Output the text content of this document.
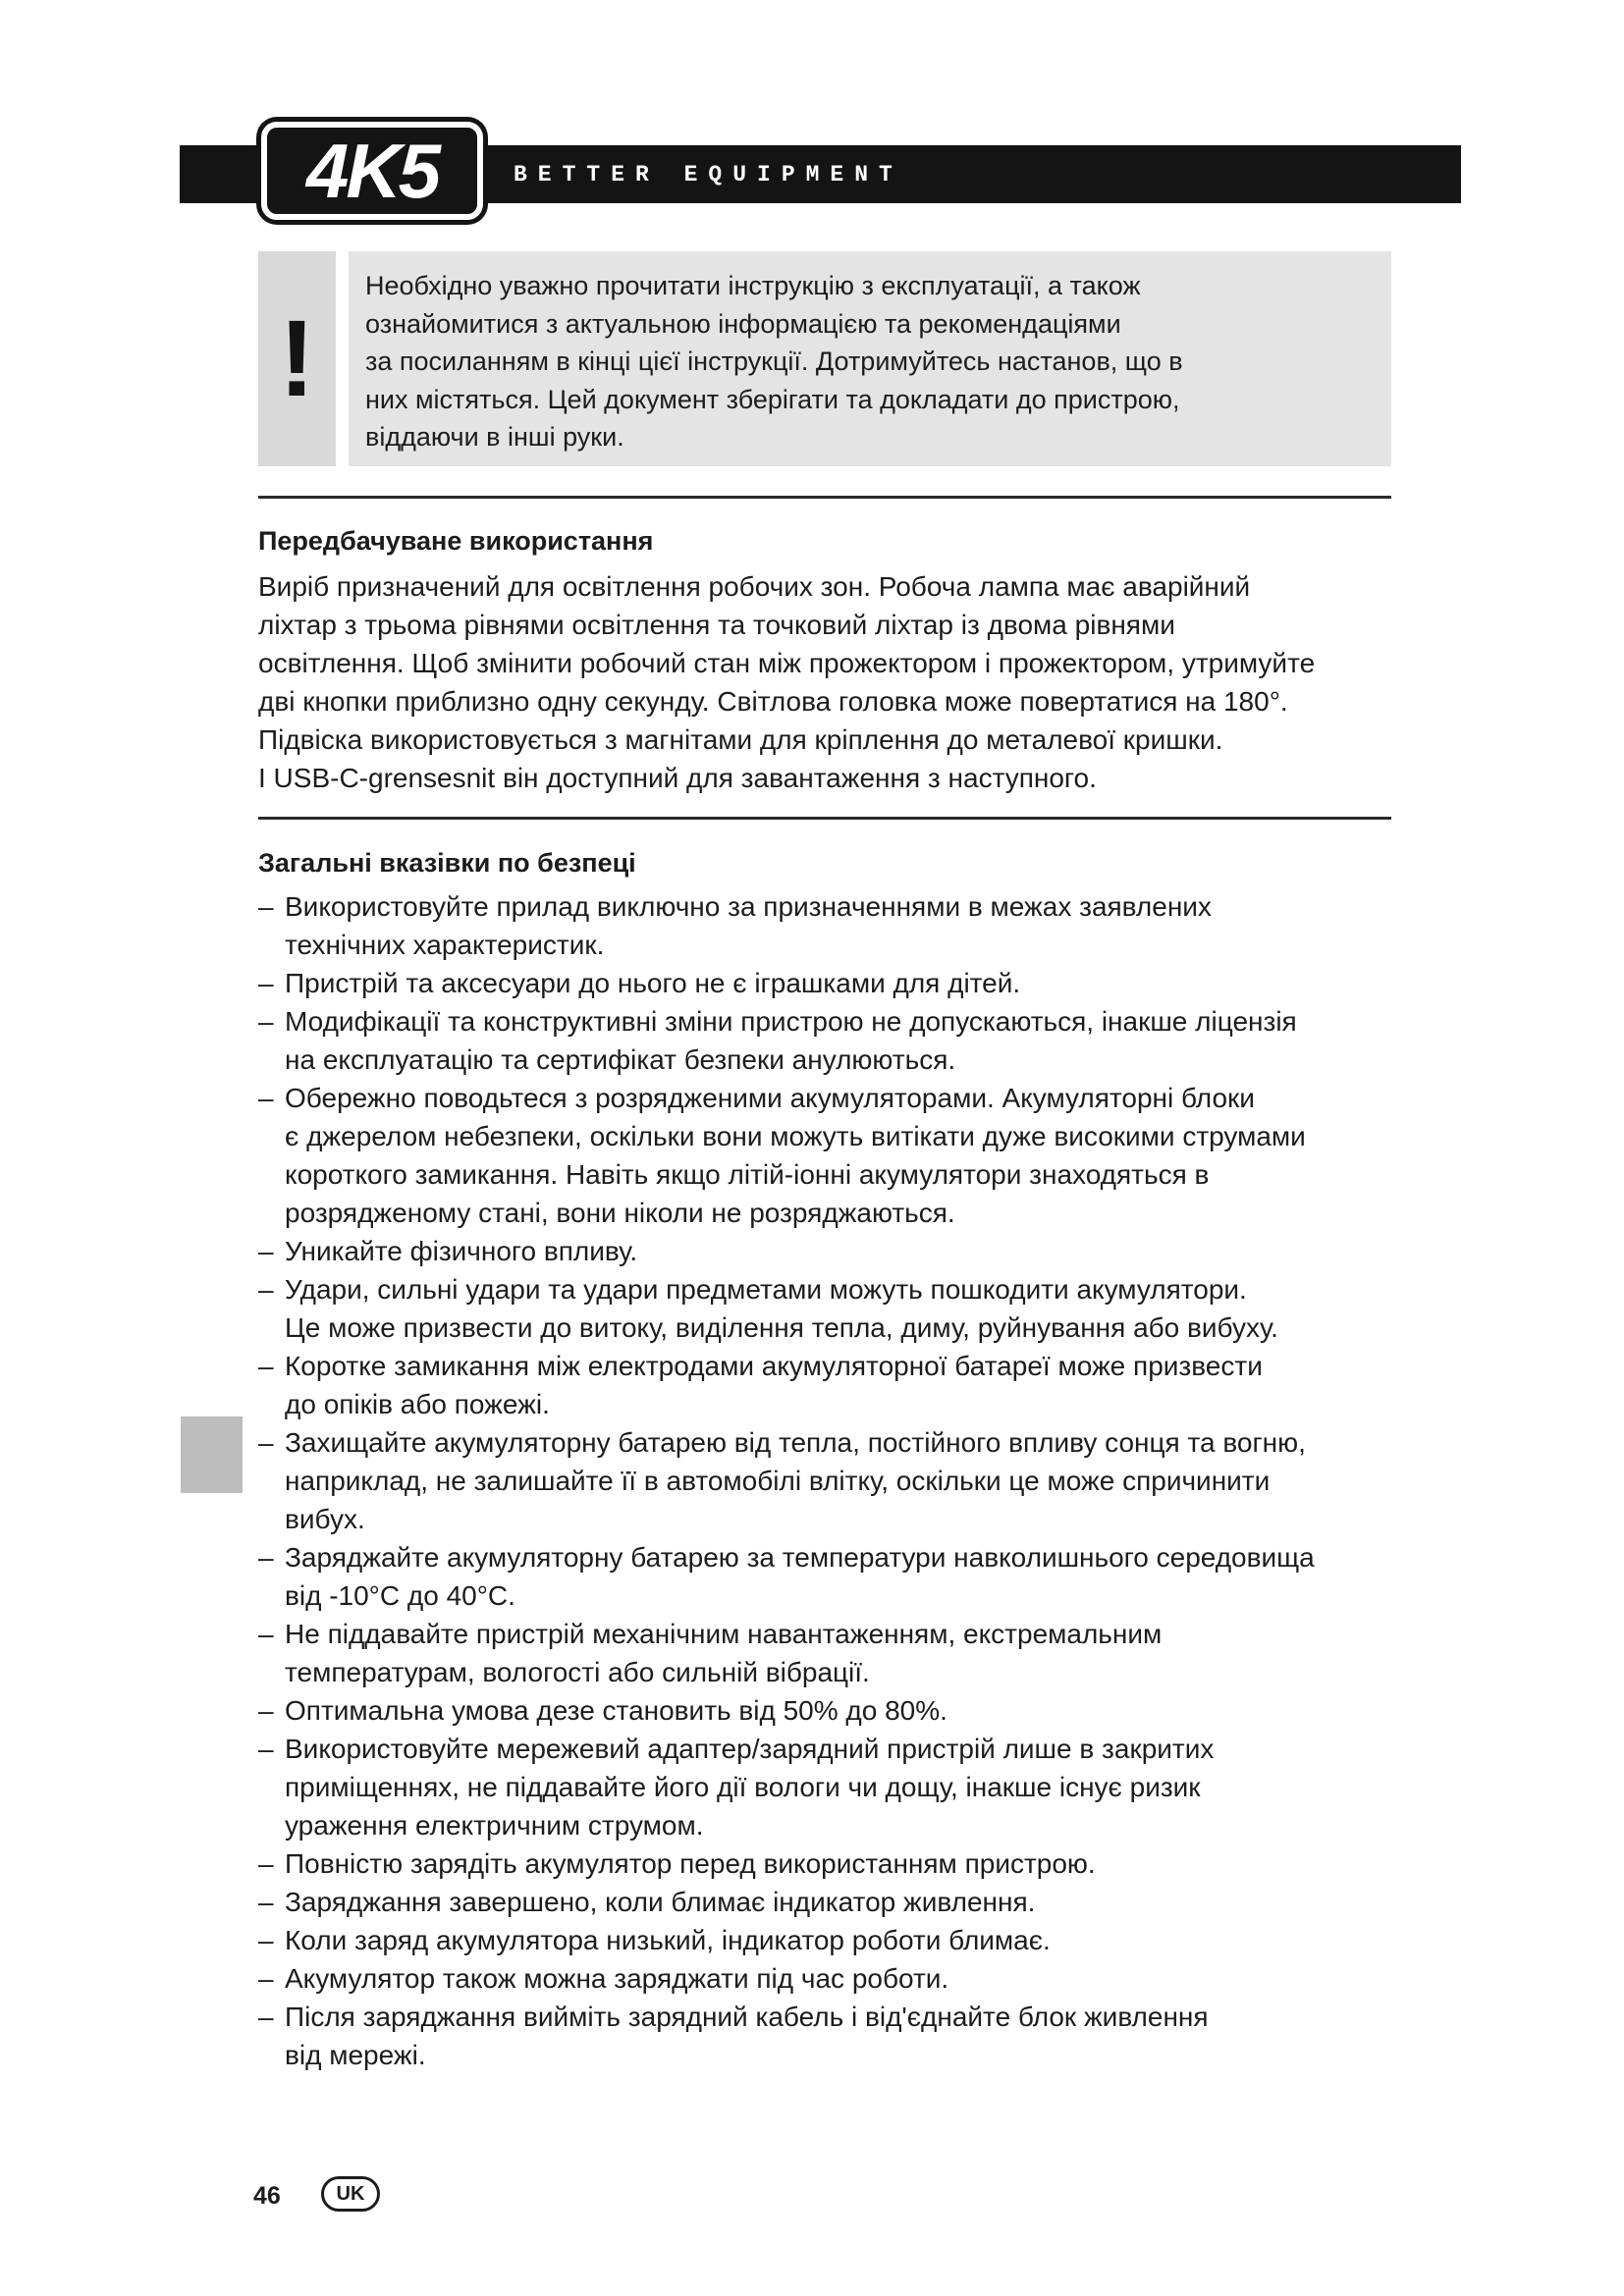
BETTER EQUIPMENT
4K5
!
Необхідно уважно прочитати інструкцію з експлуатації, а також
ознайомитися з актуальною інформацією та рекомендаціями
за посиланням в кінці цієї інструкції. Дотримуйтесь настанов, що в
них містяться. Цей документ зберігати та докладати до пристрою,
віддаючи в інші руки.
Передбачуване використання
Виріб призначений для освітлення робочих зон. Робоча лампа має аварійний
ліхтар з трьома рівнями освітлення та точковий ліхтар із двома рівнями
освітлення. Щоб змінити робочий стан між прожектором і прожектором, утримуйте
дві кнопки приблизно одну секунду. Світлова головка може повертатися на 180°.
Підвіска використовується з магнітами для кріплення до металевої кришки.
І USB-C-grensesnit він доступний для завантаження з наступного.
Загальні вказівки по безпеці
– Використовуйте прилад виключно за призначеннями в межах заявлених
технічних характеристик.
– Пристрій та аксесуари до нього не є іграшками для дітей.
– Модифікації та конструктивні зміни пристрою не допускаються, інакше ліцензія
на експлуатацію та сертифікат безпеки анулюються.
– Обережно поводьтеся з розрядженими акумуляторами. Акумуляторні блоки
є джерелом небезпеки, оскільки вони можуть витікати дуже високими струмами
короткого замикання. Навіть якщо літій-іонні акумулятори знаходяться в
розрядженому стані, вони ніколи не розряджаються.
– Уникайте фізичного впливу.
– Удари, сильні удари та удари предметами можуть пошкодити акумулятори.
Це може призвести до витоку, виділення тепла, диму, руйнування або вибуху.
– Коротке замикання між електродами акумуляторної батареї може призвести
до опіків або пожежі.
– Захищайте акумуляторну батарею від тепла, постійного впливу сонця та вогню,
наприклад, не залишайте її в автомобілі влітку, оскільки це може спричинити
вибух.
– Заряджайте акумуляторну батарею за температури навколишнього середовища
від -10°C до 40°C.
– Не піддавайте пристрій механічним навантаженням, екстремальним
температурам, вологості або сильній вібрації.
– Оптимальна умова дезе становить від 50% до 80%.
– Використовуйте мережевий адаптер/зарядний пристрій лише в закритих
приміщеннях, не піддавайте його дії вологи чи дощу, інакше існує ризик
ураження електричним струмом.
– Повністю зарядіть акумулятор перед використанням пристрою.
– Заряджання завершено, коли блимає індикатор живлення.
– Коли заряд акумулятора низький, індикатор роботи блимає.
– Акумулятор також можна заряджати під час роботи.
– Після заряджання вийміть зарядний кабель і від'єднайте блок живлення
від мережі.
46	UK
